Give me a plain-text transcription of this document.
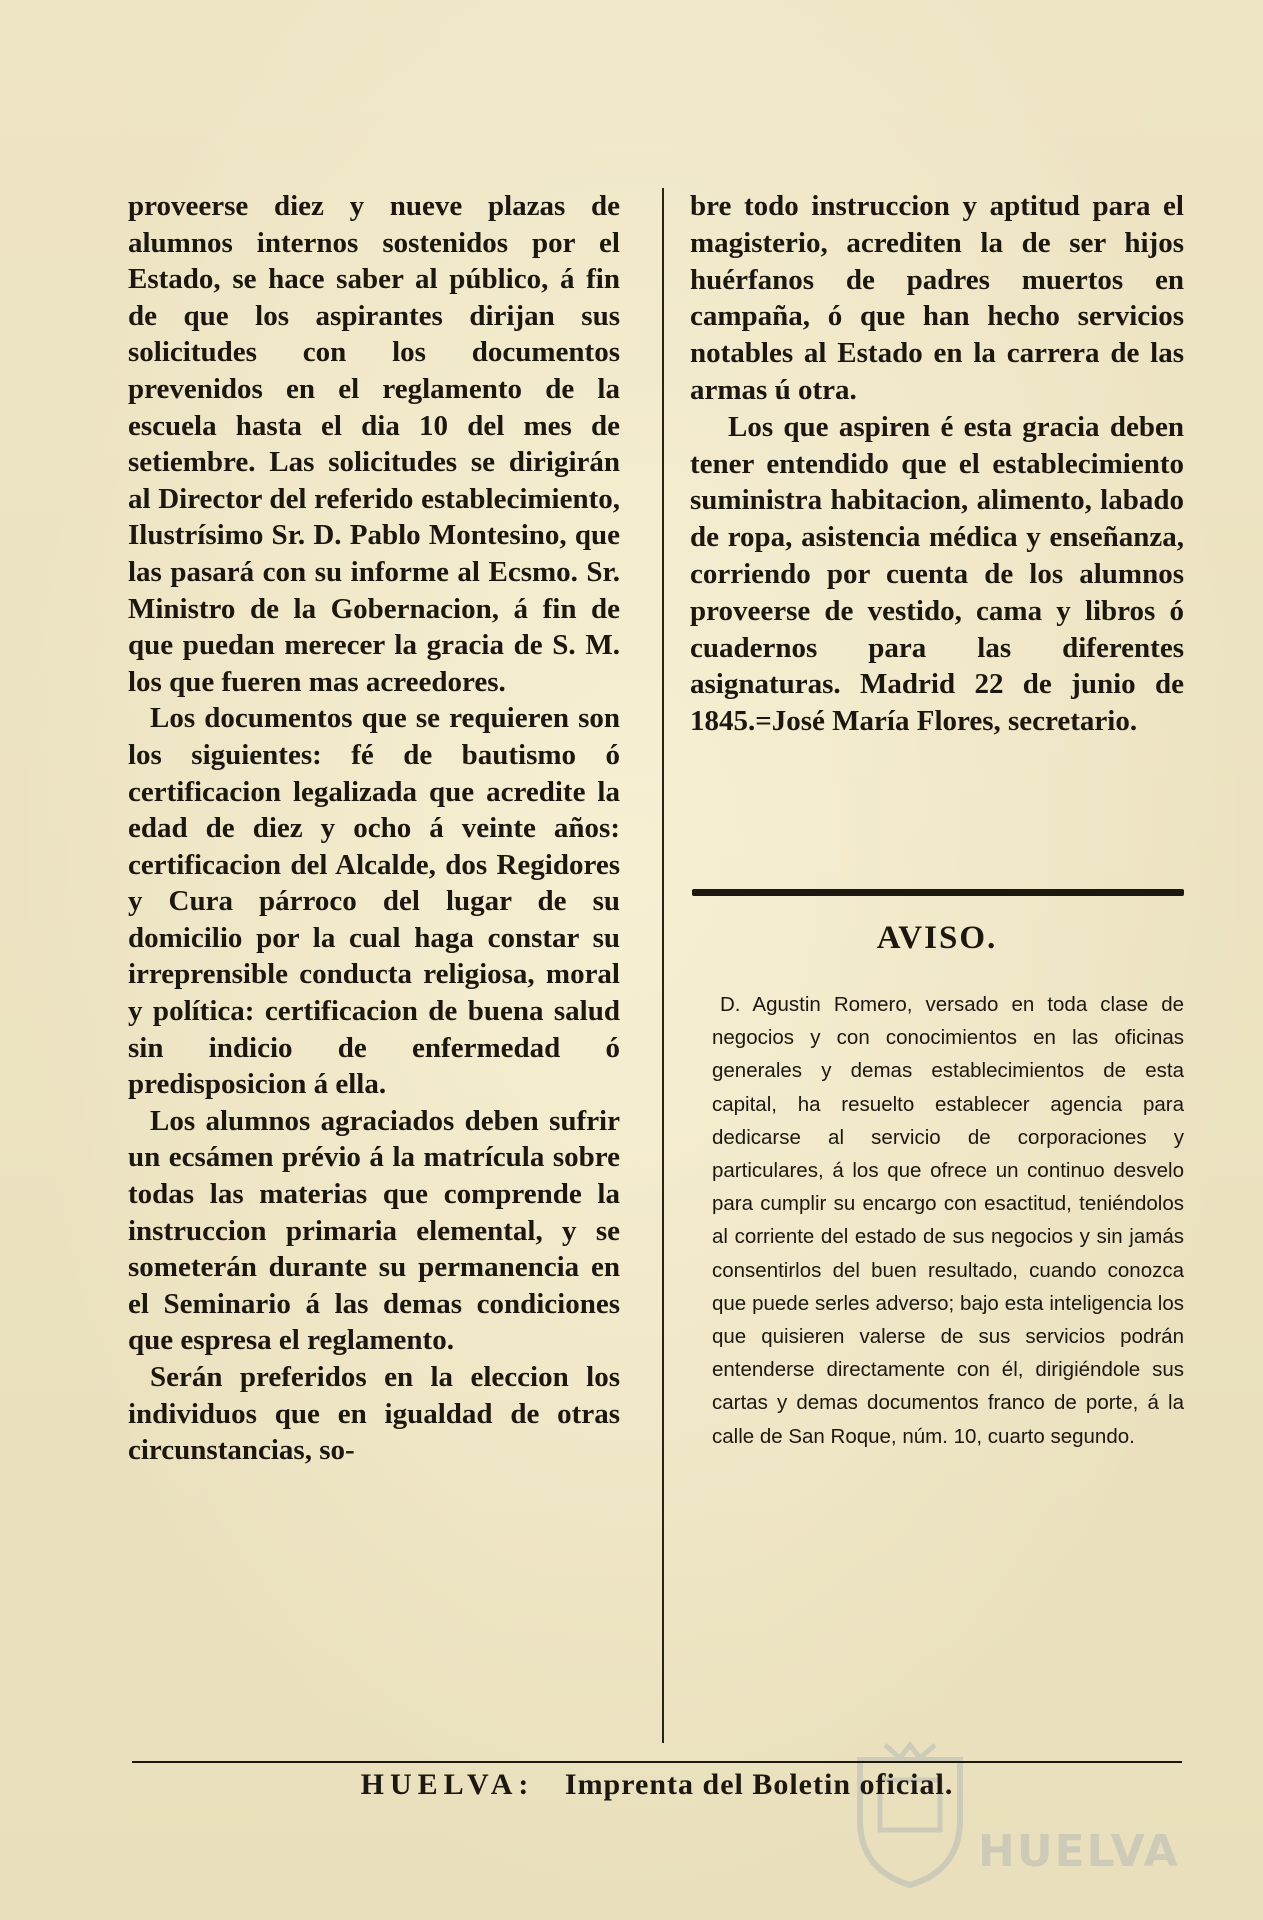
proveerse diez y nueve plazas de alumnos internos sostenidos por el Estado, se hace saber al público, á fin de que los aspirantes dirijan sus solicitudes con los documentos prevenidos en el reglamento de la escuela hasta el dia 10 del mes de setiembre. Las solicitudes se dirigirán al Director del referido establecimiento, Ilustrísimo Sr. D. Pablo Montesino, que las pasará con su informe al Ecsmo. Sr. Ministro de la Gobernacion, á fin de que puedan merecer la gracia de S. M. los que fueren mas acreedores.

Los documentos que se requieren son los siguientes: fé de bautismo ó certificacion legalizada que acredite la edad de diez y ocho á veinte años: certificacion del Alcalde, dos Regidores y Cura párroco del lugar de su domicilio por la cual haga constar su irreprensible conducta religiosa, moral y política: certificacion de buena salud sin indicio de enfermedad ó predisposicion á ella.

Los alumnos agraciados deben sufrir un ecsámen prévio á la matrícula sobre todas las materias que comprende la instruccion primaria elemental, y se someterán durante su permanencia en el Seminario á las demas condiciones que espresa el reglamento.

Serán preferidos en la eleccion los individuos que en igualdad de otras circunstancias, so-

bre todo instruccion y aptitud para el magisterio, acrediten la de ser hijos huérfanos de padres muertos en campaña, ó que han hecho servicios notables al Estado en la carrera de las armas ú otra.

Los que aspiren é esta gracia deben tener entendido que el establecimiento suministra habitacion, alimento, labado de ropa, asistencia médica y enseñanza, corriendo por cuenta de los alumnos proveerse de vestido, cama y libros ó cuadernos para las diferentes asignaturas. Madrid 22 de junio de 1845.=José María Flores, secretario.

AVISO.
D. Agustin Romero, versado en toda clase de negocios y con conocimientos en las oficinas generales y demas establecimientos de esta capital, ha resuelto establecer agencia para dedicarse al servicio de corporaciones y particulares, á los que ofrece un continuo desvelo para cumplir su encargo con esactitud, teniéndolos al corriente del estado de sus negocios y sin jamás consentirlos del buen resultado, cuando conozca que puede serles adverso; bajo esta inteligencia los que quisieren valerse de sus servicios podrán entenderse directamente con él, dirigiéndole sus cartas y demas documentos franco de porte, á la calle de San Roque, núm. 10, cuarto segundo.
HUELVA
HUELVA: Imprenta del Boletin oficial.
